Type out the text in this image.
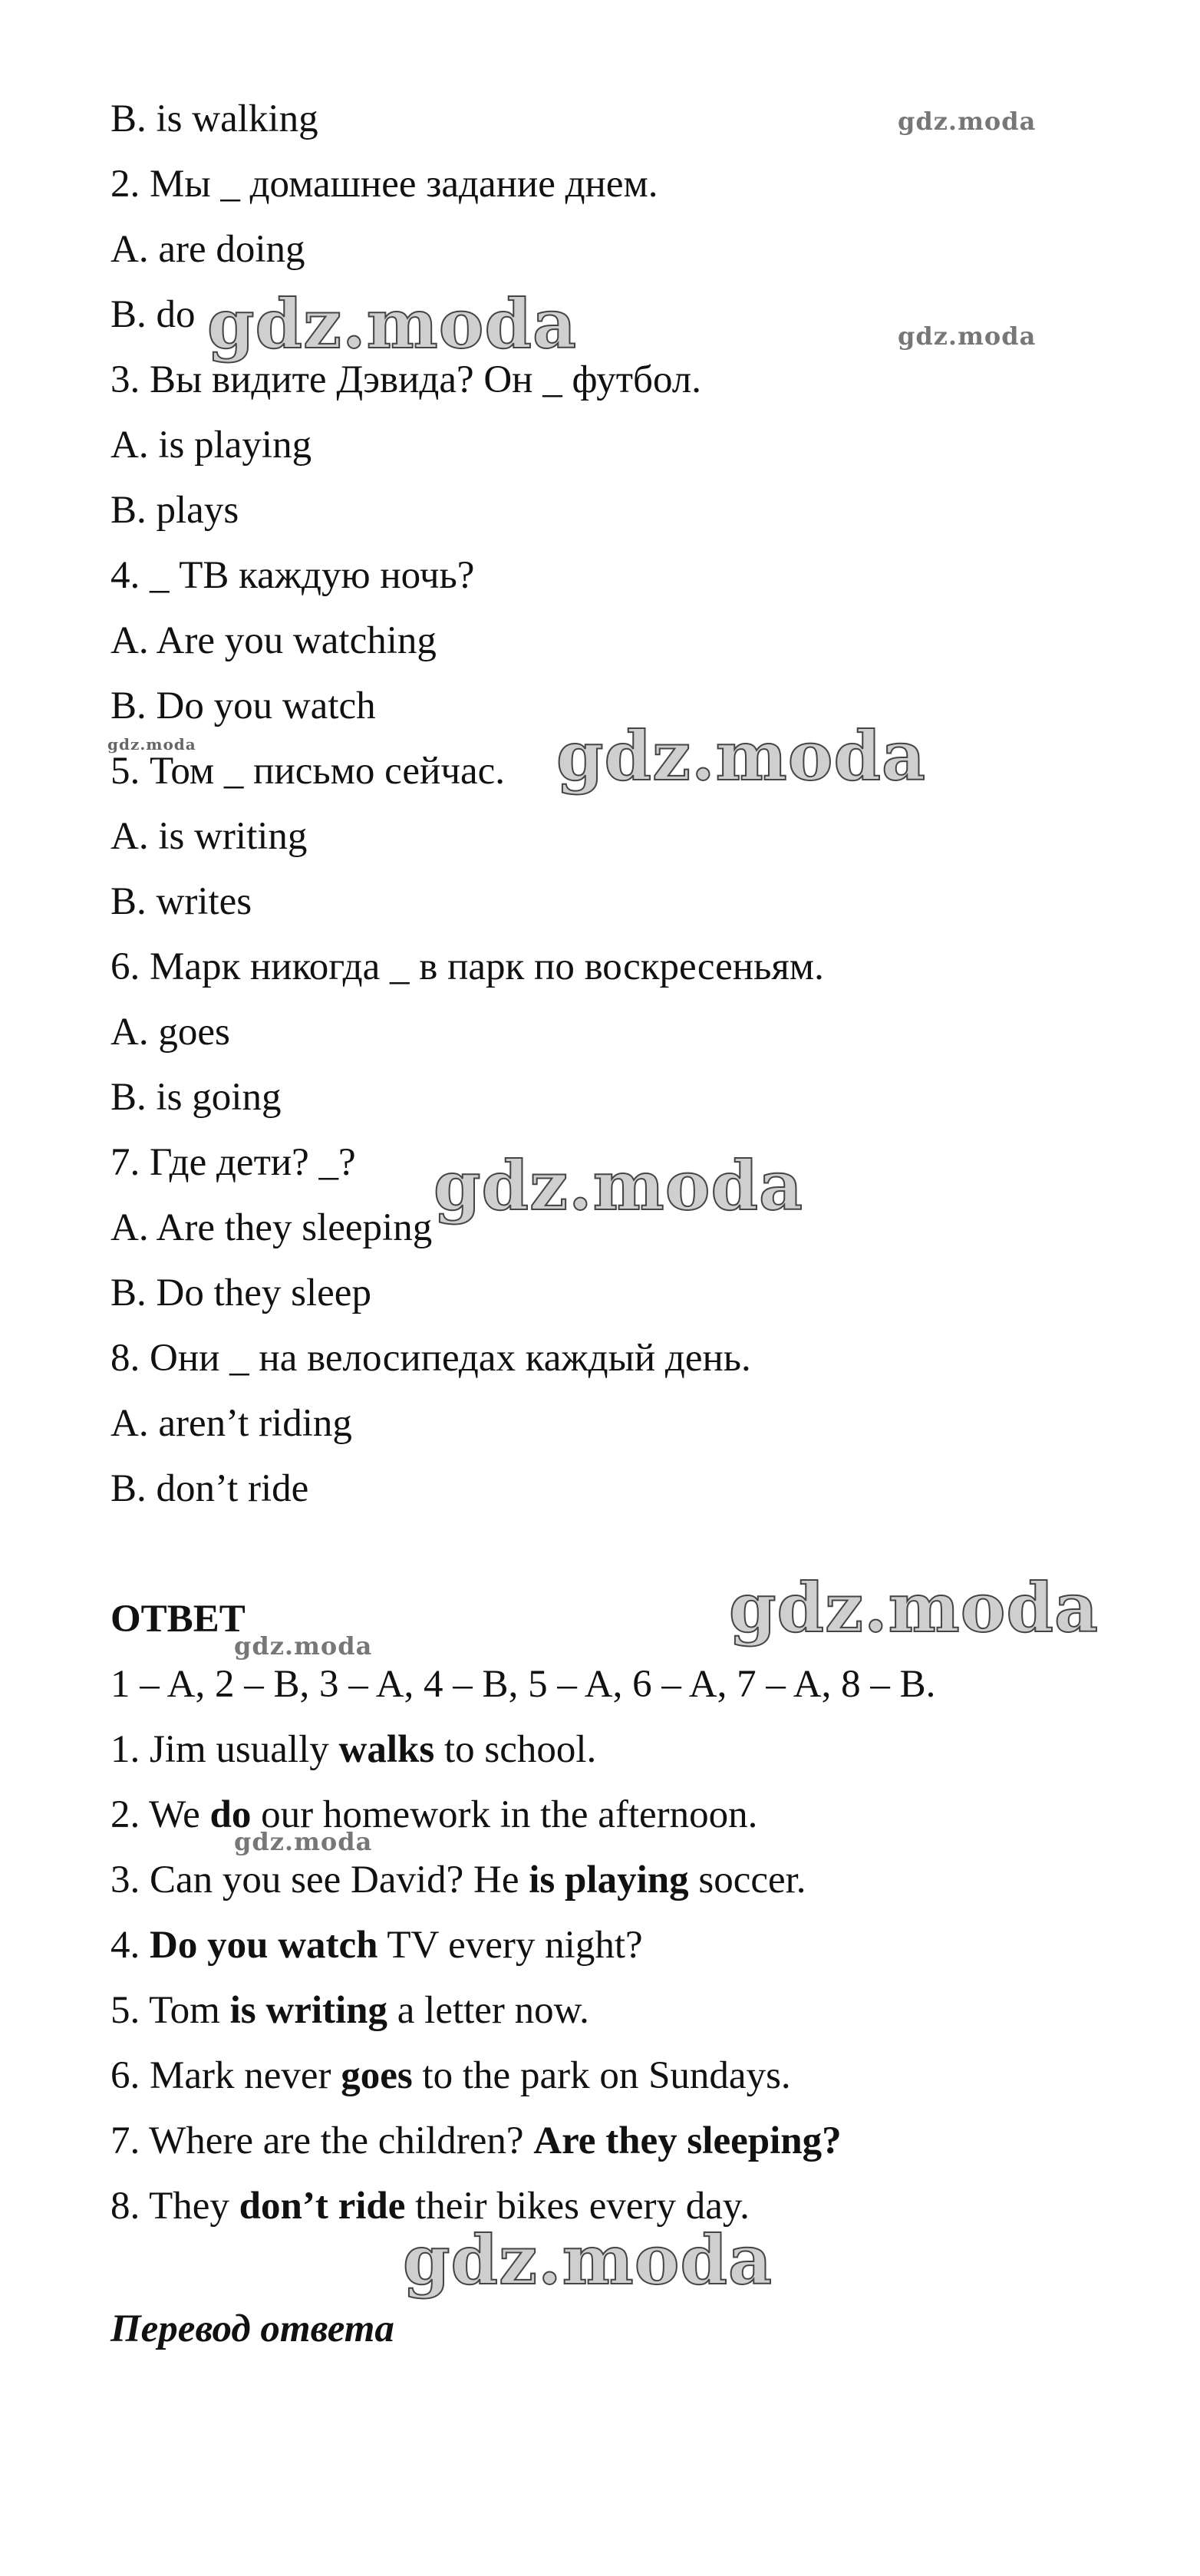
B. is walking
2. Мы _ домашнее задание днем.
A. are doing
B. do
3. Вы видите Дэвида? Он _ футбол.
A. is playing
B. plays
4. _ ТВ каждую ночь?
A. Are you watching
B. Do you watch
5. Том _ письмо сейчас.
A. is writing
B. writes
6. Марк никогда _ в парк по воскресеньям.
A. goes
B. is going
7. Где дети? _?
A. Are they sleeping
B. Do they sleep
8. Они _ на велосипедах каждый день.
A. aren’t riding
B. don’t ride
ОТВЕТ
1 – A, 2 – B, 3 – A, 4 – B, 5 – A, 6 – A, 7 – A, 8 – B.
1. Jim usually walks to school.
2. We do our homework in the afternoon.
3. Can you see David? He is playing soccer.
4. Do you watch TV every night?
5. Tom is writing a letter now.
6. Mark never goes to the park on Sundays.
7. Where are the children? Are they sleeping?
8. They don’t ride their bikes every day.
Перевод ответа
gdz.moda
gdz.moda	gdz.moda
gdz.moda	gdz.moda
gdz.moda
gdz.moda
gdz.moda
gdz.moda
gdz.moda
